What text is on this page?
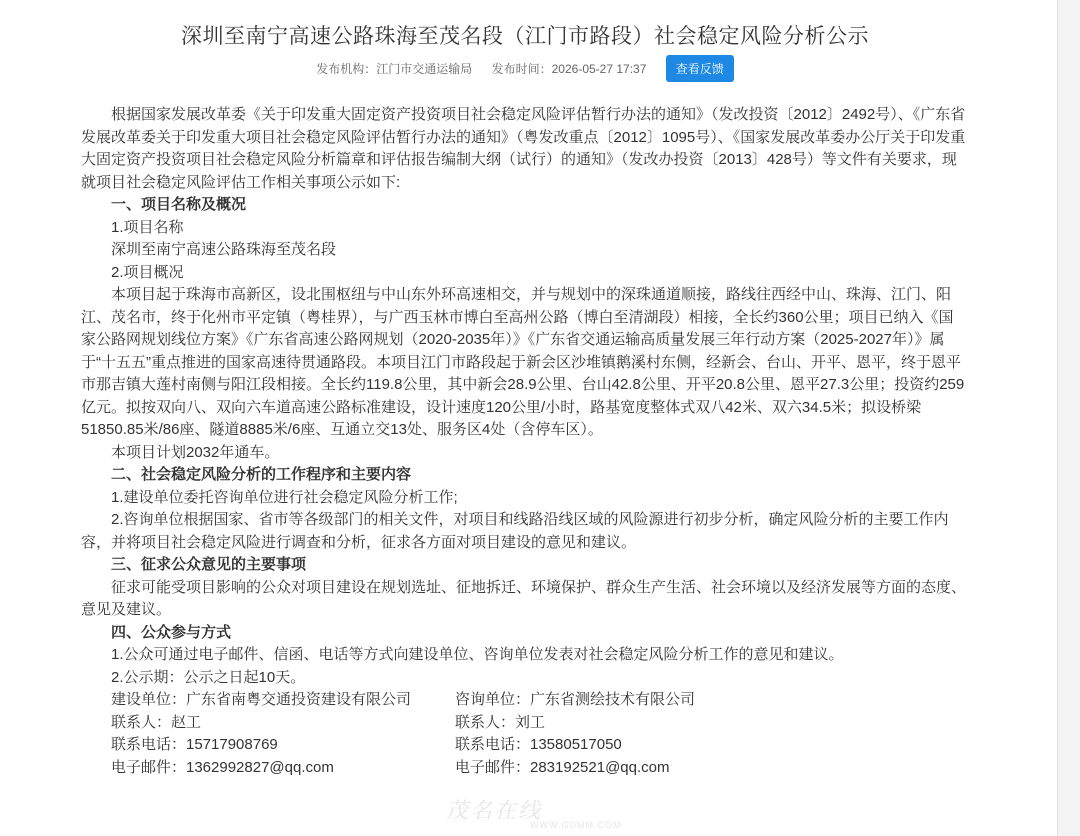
深圳至南宁高速公路珠海至茂名段（江门市路段）社会稳定风险分析公示
发布机构：江门市交通运输局 发布时间：2026-05-27 17:37 查看反馈

根据国家发展改革委《关于印发重大固定资产投资项目社会稳定风险评估暂行办法的通知》（发改投资〔2012〕2492号）、《广东省发展改革委关于印发重大项目社会稳定风险评估暂行办法的通知》（粤发改重点〔2012〕1095号）、《国家发展改革委办公厅关于印发重大固定资产投资项目社会稳定风险分析篇章和评估报告编制大纲（试行）的通知》（发改办投资〔2013〕428号）等文件有关要求，现就项目社会稳定风险评估工作相关事项公示如下:

一、项目名称及概况

1.项目名称

深圳至南宁高速公路珠海至茂名段

2.项目概况

本项目起于珠海市高新区，设北围枢纽与中山东外环高速相交，并与规划中的深珠通道顺接，路线往西经中山、珠海、江门、阳江、茂名市，终于化州市平定镇（粤桂界），与广西玉林市博白至高州公路（博白至清湖段）相接，全长约360公里；项目已纳入《国家公路网规划线位方案》《广东省高速公路网规划（2020-2035年）》《广东省交通运输高质量发展三年行动方案（2025-2027年）》属于“十五五”重点推进的国家高速待贯通路段。本项目江门市路段起于新会区沙堆镇鹅溪村东侧，经新会、台山、开平、恩平，终于恩平市那吉镇大莲村南侧与阳江段相接。全长约119.8公里，其中新会28.9公里、台山42.8公里、开平20.8公里、恩平27.3公里；投资约259亿元。拟按双向八、双向六车道高速公路标准建设，设计速度120公里/小时，路基宽度整体式双八42米、双六34.5米；拟设桥梁51850.85米/86座、隧道8885米/6座、互通立交13处、服务区4处（含停车区）。

本项目计划2032年通车。

二、社会稳定风险分析的工作程序和主要内容

1.建设单位委托咨询单位进行社会稳定风险分析工作;

2.咨询单位根据国家、省市等各级部门的相关文件，对项目和线路沿线区域的风险源进行初步分析，确定风险分析的主要工作内容，并将项目社会稳定风险进行调查和分析，征求各方面对项目建设的意见和建议。

三、征求公众意见的主要事项

征求可能受项目影响的公众对项目建设在规划选址、征地拆迁、环境保护、群众生产生活、社会环境以及经济发展等方面的态度、意见及建议。

四、公众参与方式

1.公众可通过电子邮件、信函、电话等方式向建设单位、咨询单位发表对社会稳定风险分析工作的意见和建议。

2.公示期：公示之日起10天。

建设单位：广东省南粤交通投资建设有限公司	咨询单位：广东省测绘技术有限公司
联系人：赵工	联系人：刘工
联系电话：15717908769	联系电话：13580517050
电子邮件：1362992827@qq.com	电子邮件：283192521@qq.com
茂名在线
WWW.GDMM.COM
